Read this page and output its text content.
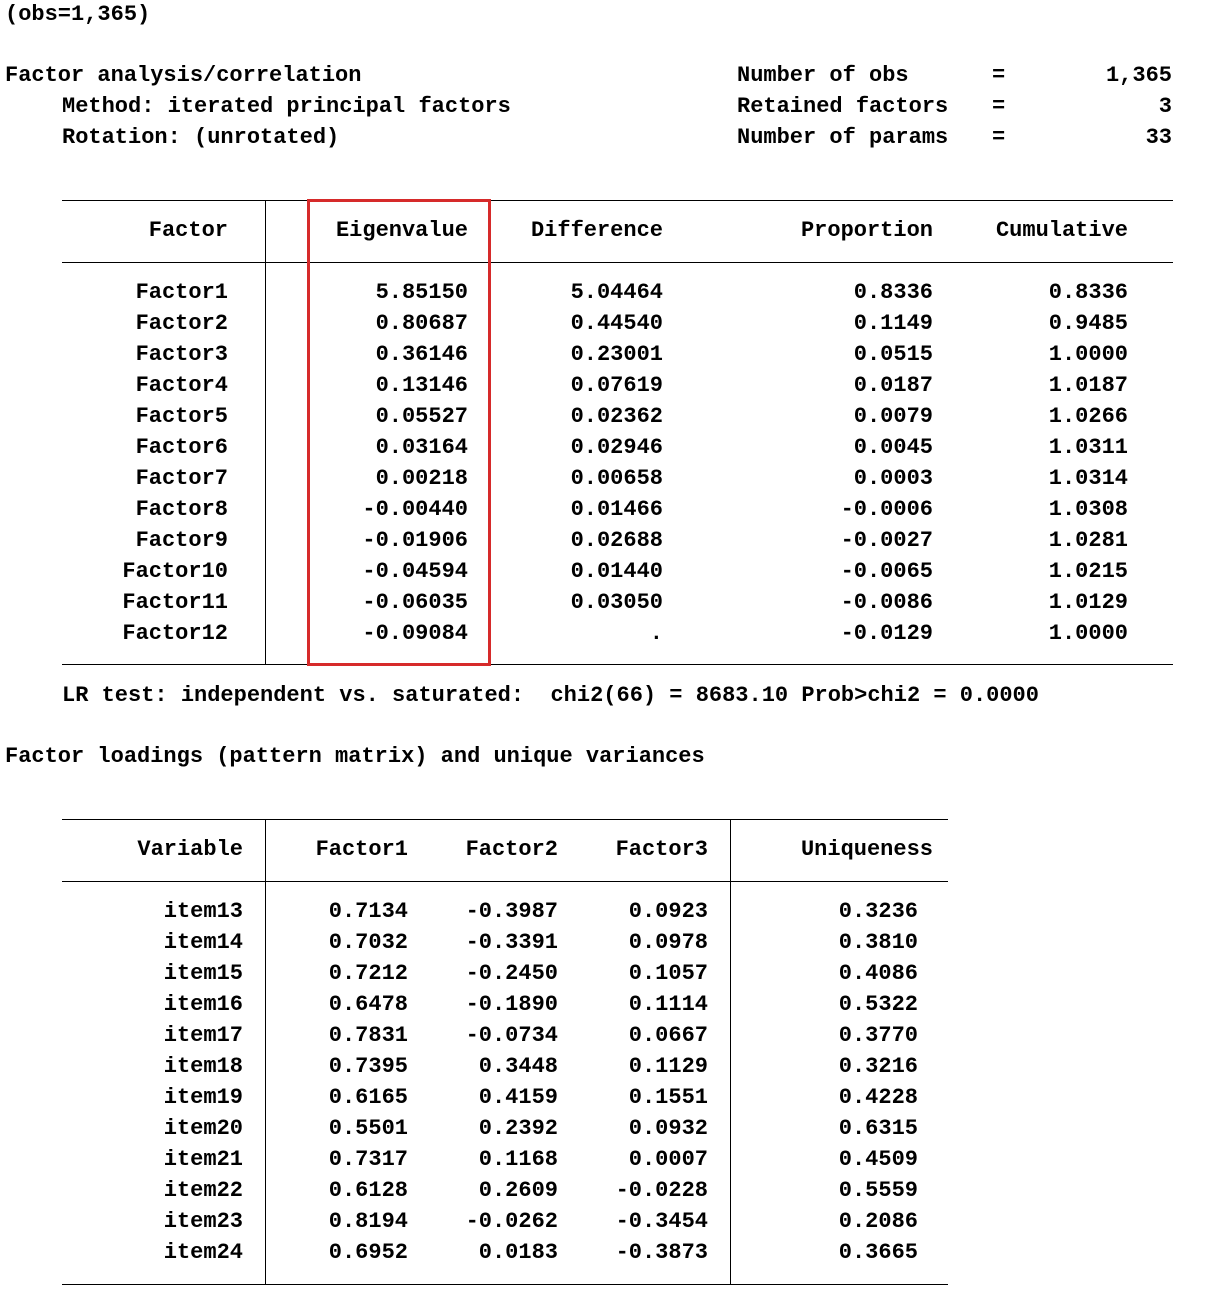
(obs=1,365)
Factor analysis/correlation
Method: iterated principal factors
Rotation: (unrotated)
Number of obs	=	1,365
Retained factors =	3
Number of params =	33
Factor	Eigenvalue	Difference	Proportion	Cumulative
Factor1	5.85150	5.04464	0.8336	0.8336
Factor2	0.80687	0.44540	0.1149	0.9485
Factor3	0.36146	0.23001	0.0515	1.0000
Factor4	0.13146	0.07619	0.0187	1.0187
Factor5	0.05527	0.02362	0.0079	1.0266
Factor6	0.03164	0.02946	0.0045	1.0311
Factor7	0.00218	0.00658	0.0003	1.0314
Factor8	-0.00440	0.01466	-0.0006	1.0308
Factor9	-0.01906	0.02688	-0.0027	1.0281
Factor10	-0.04594	0.01440	-0.0065	1.0215
Factor11	-0.06035	0.03050	-0.0086	1.0129
Factor12	-0.09084	.	-0.0129	1.0000
LR test: independent vs. saturated:  chi2(66) = 8683.10 Prob>chi2 = 0.0000
Factor loadings (pattern matrix) and unique variances
Variable	Factor1	Factor2	Factor3	Uniqueness
item13	0.7134	-0.3987	0.0923	0.3236
item14	0.7032	-0.3391	0.0978	0.3810
item15	0.7212	-0.2450	0.1057	0.4086
item16	0.6478	-0.1890	0.1114	0.5322
item17	0.7831	-0.0734	0.0667	0.3770
item18	0.7395	0.3448	0.1129	0.3216
item19	0.6165	0.4159	0.1551	0.4228
item20	0.5501	0.2392	0.0932	0.6315
item21	0.7317	0.1168	0.0007	0.4509
item22	0.6128	0.2609	-0.0228	0.5559
item23	0.8194	-0.0262	-0.3454	0.2086
item24	0.6952	0.0183	-0.3873	0.3665
